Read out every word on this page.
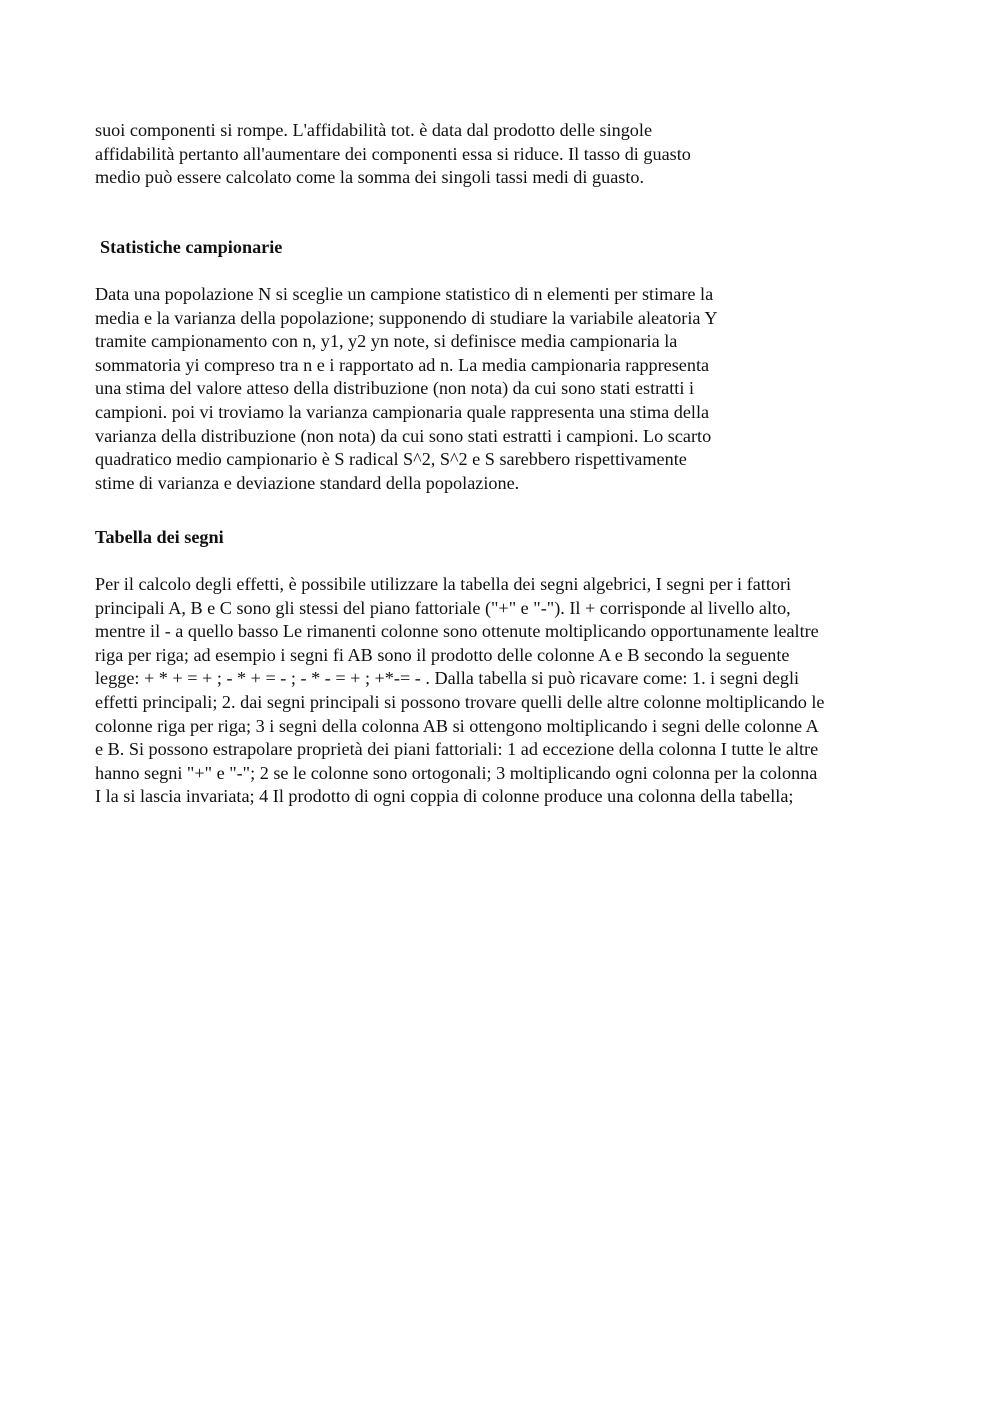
suoi componenti si rompe. L'affidabilità tot. è data dal prodotto delle singole
affidabilità pertanto all'aumentare dei componenti essa si riduce. Il tasso di guasto
medio può essere calcolato come la somma dei singoli tassi medi di guasto.

Statistiche campionarie

Data una popolazione N si sceglie un campione statistico di n elementi per stimare la
media e la varianza della popolazione; supponendo di studiare la variabile aleatoria Y
tramite campionamento con n, y1, y2 yn note, si definisce media campionaria la
sommatoria yi compreso tra n e i rapportato ad n. La media campionaria rappresenta
una stima del valore atteso della distribuzione (non nota) da cui sono stati estratti i
campioni. poi vi troviamo la varianza campionaria quale rappresenta una stima della
varianza della distribuzione (non nota) da cui sono stati estratti i campioni. Lo scarto
quadratico medio campionario è S radical S^2, S^2 e S sarebbero rispettivamente
stime di varianza e deviazione standard della popolazione.

Tabella dei segni

Per il calcolo degli effetti, è possibile utilizzare la tabella dei segni algebrici, I segni per i fattori
principali A, B e C sono gli stessi del piano fattoriale ("+" e "-"). Il + corrisponde al livello alto,
mentre il - a quello basso Le rimanenti colonne sono ottenute moltiplicando opportunamente lealtre
riga per riga; ad esempio i segni fi AB sono il prodotto delle colonne A e B secondo la seguente
legge: + * + = + ; - * + = - ; - * - = + ; +*-= - . Dalla tabella si può ricavare come: 1. i segni degli
effetti principali; 2. dai segni principali si possono trovare quelli delle altre colonne moltiplicando le
colonne riga per riga; 3 i segni della colonna AB si ottengono moltiplicando i segni delle colonne A
e B. Si possono estrapolare proprietà dei piani fattoriali: 1 ad eccezione della colonna I tutte le altre
hanno segni "+" e "-"; 2 se le colonne sono ortogonali; 3 moltiplicando ogni colonna per la colonna
I la si lascia invariata; 4 Il prodotto di ogni coppia di colonne produce una colonna della tabella;
